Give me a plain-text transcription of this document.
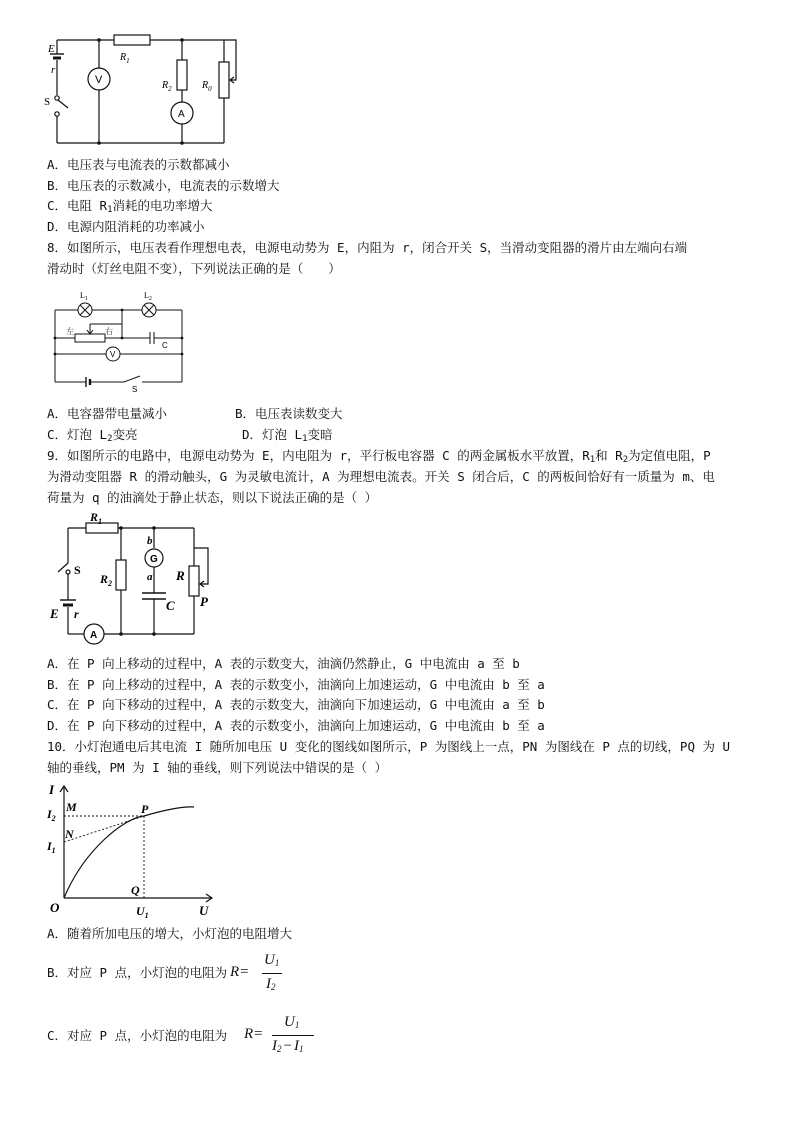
E
r
S
V
A
$R_1$
$R_2$	$R_0$
A．电压表与电流表的示数都减小
B．电压表的示数减小，电流表的示数增大
C．电阻 $R_1$消耗的电功率增大
D．电源内阻消耗的功率减小
8．如图所示，电压表看作理想电表，电源电动势为 E，内阻为 r，闭合开关 S，当滑动变阻器的滑片由左端向右端
滑动时（灯丝电阻不变），下列说法正确的是（　　）
$L_1$	$L_2$
左	右
C
V
S
A．电容器带电量减小	B．电压表读数变大
C．灯泡 $L_2$变亮	D．灯泡 $L_1$变暗
9．如图所示的电路中，电源电动势为 E，内电阻为 r，平行板电容器 C 的两金属板水平放置，$R_1$和 $R_2$为定值电阻，P
为滑动变阻器 R 的滑动触头，G 为灵敏电流计，A 为理想电流表。开关 S 闭合后，C 的两板间恰好有一质量为 m、电
荷量为 q 的油滴处于静止状态，则以下说法正确的是（ ）
$R_1$
$R_2$
S
E r
A
G
b
a
C
R
P
A．在 P 向上移动的过程中，A 表的示数变大，油滴仍然静止，G 中电流由 a 至 b
B．在 P 向上移动的过程中，A 表的示数变小，油滴向上加速运动，G 中电流由 b 至 a
C．在 P 向下移动的过程中，A 表的示数变大，油滴向下加速运动，G 中电流由 a 至 b
D．在 P 向下移动的过程中，A 表的示数变小，油滴向上加速运动，G 中电流由 b 至 a
10．小灯泡通电后其电流 I 随所加电压 U 变化的图线如图所示，P 为图线上一点，PN 为图线在 P 点的切线，PQ 为 U
轴的垂线，PM 为 I 轴的垂线，则下列说法中错误的是（ ）
I
O	U
$I_2$
$I_1$
M
N
P
Q
$U_1$
A．随着所加电压的增大，小灯泡的电阻增大
B．对应 P 点，小灯泡的电阻为 R=
$U_1$
$I_2$
C．对应 P 点，小灯泡的电阻为 R=
$U_1$
$I_2 - I_1$
